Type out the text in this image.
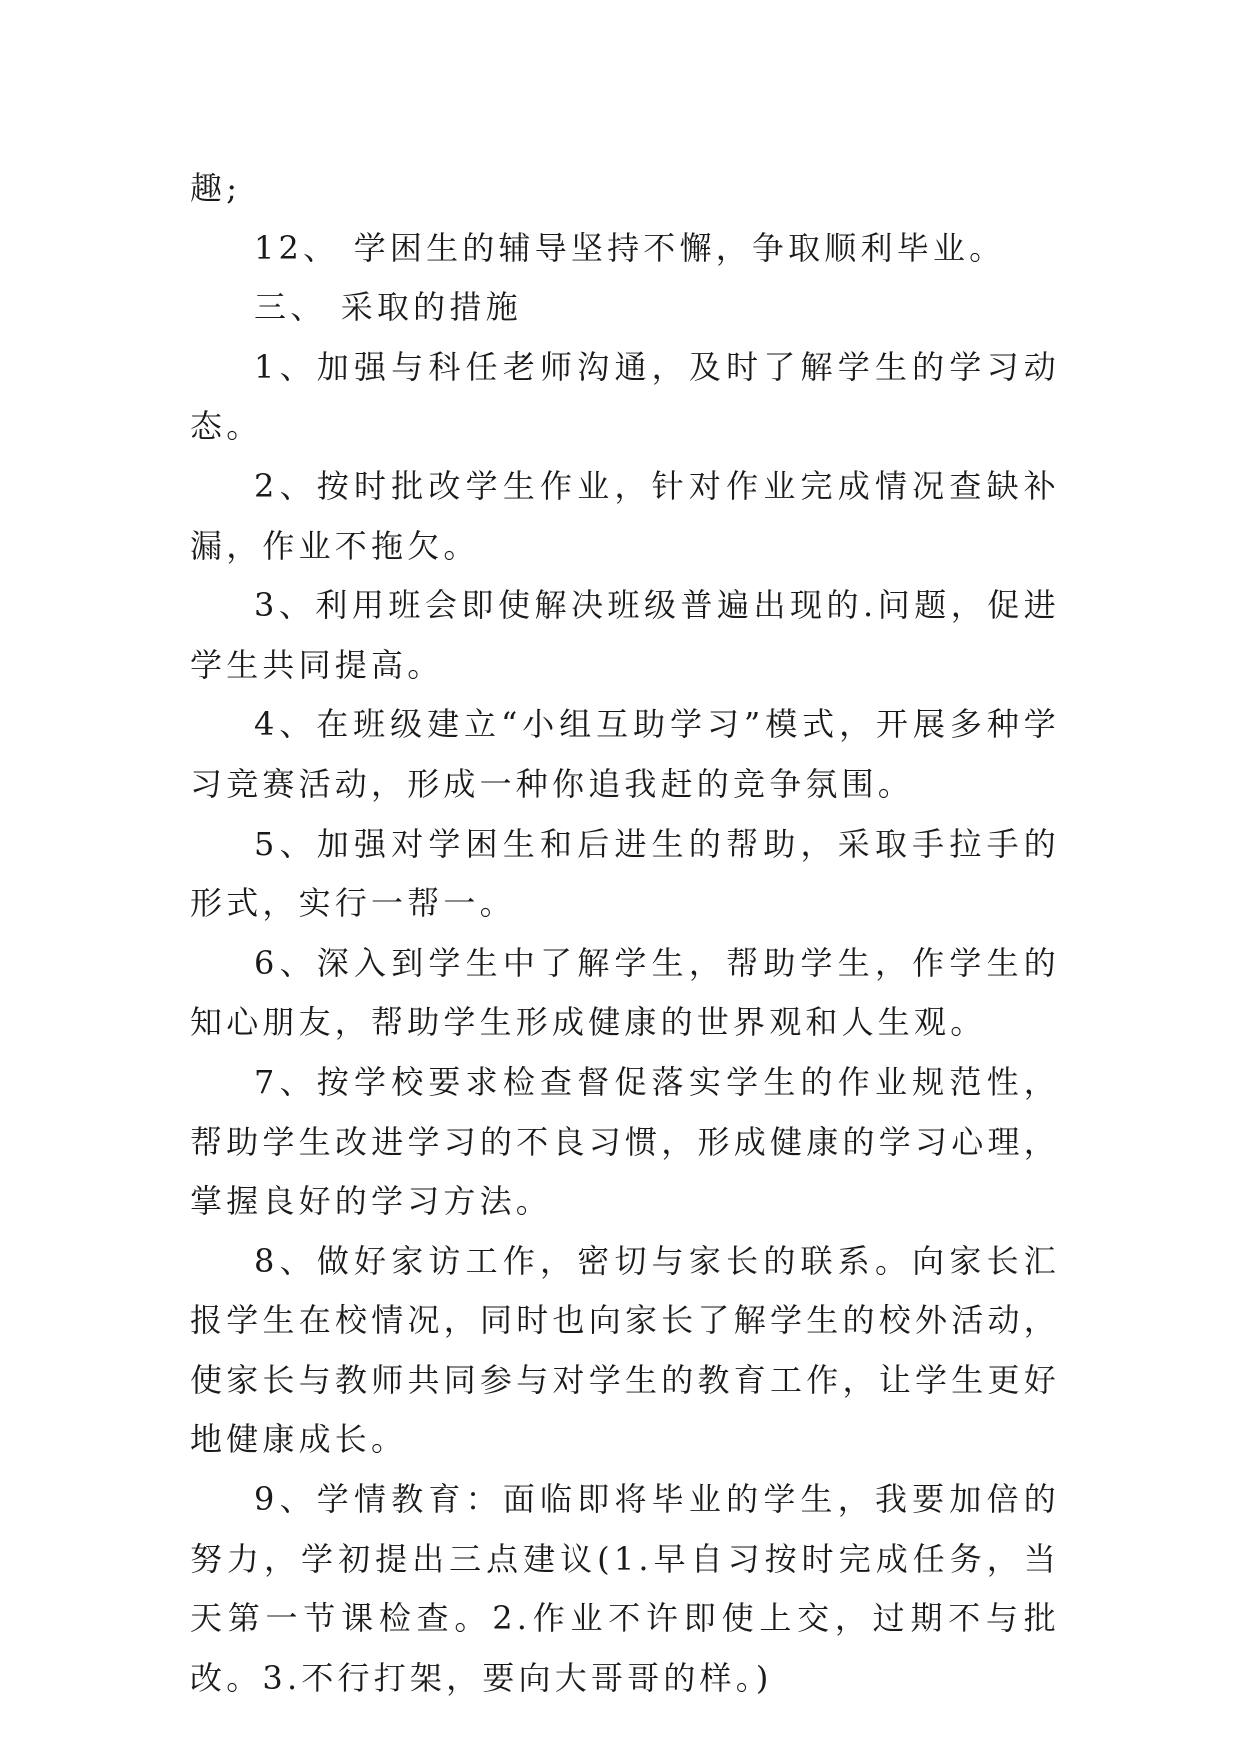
趣;

12、 学困生的辅导坚持不懈，争取顺利毕业。

三、 采取的措施

1、加强与科任老师沟通，及时了解学生的学习动态。

2、按时批改学生作业，针对作业完成情况查缺补漏，作业不拖欠。

3、利用班会即使解决班级普遍出现的.问题，促进学生共同提高。

4、在班级建立“小组互助学习”模式，开展多种学习竞赛活动，形成一种你追我赶的竞争氛围。

5、加强对学困生和后进生的帮助，采取手拉手的形式，实行一帮一。

6、深入到学生中了解学生，帮助学生，作学生的知心朋友，帮助学生形成健康的世界观和人生观。

7、按学校要求检查督促落实学生的作业规范性，帮助学生改进学习的不良习惯，形成健康的学习心理，掌握良好的学习方法。

8、做好家访工作，密切与家长的联系。向家长汇报学生在校情况，同时也向家长了解学生的校外活动，使家长与教师共同参与对学生的教育工作，让学生更好地健康成长。

9、学情教育：面临即将毕业的学生，我要加倍的努力，学初提出三点建议(1.早自习按时完成任务，当天第一节课检查。2.作业不许即使上交，过期不与批改。3.不行打架，要向大哥哥的样。)
